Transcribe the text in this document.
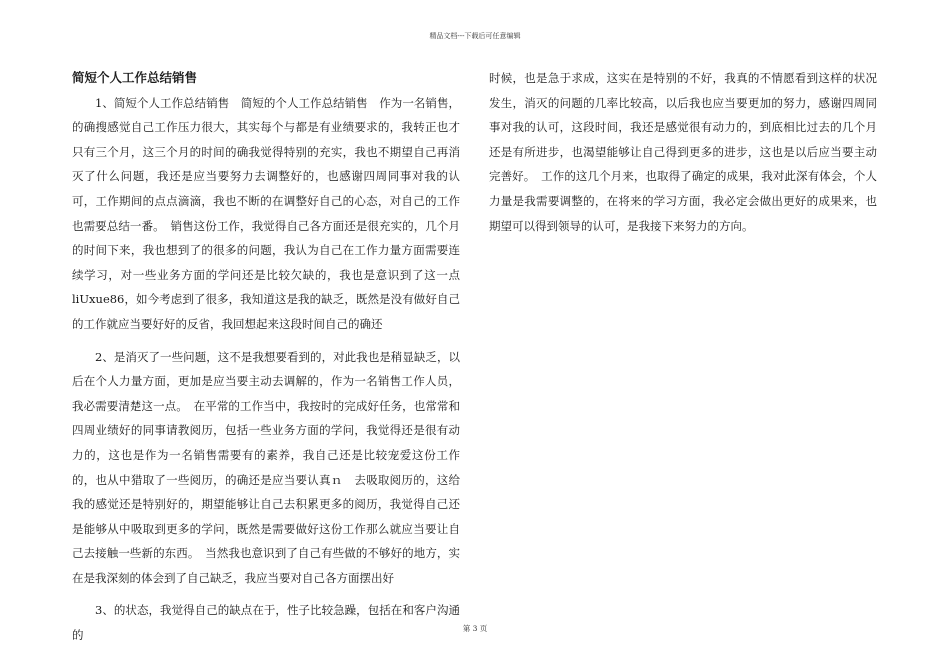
精品文档---下载后可任意编辑
简短个人工作总结销售

1、简短个人工作总结销售　简短的个人工作总结销售　作为一名销售，的确搜感觉自己工作压力很大，其实每个与都是有业绩要求的，我转正也才只有三个月，这三个月的时间的确我觉得特别的充实，我也不期望自己再消灭了什么问题，我还是应当要努力去调整好的，也感谢四周同事对我的认可，工作期间的点点滴滴，我也不断的在调整好自己的心态，对自己的工作也需要总结一番。　销售这份工作，我觉得自己各方面还是很充实的，几个月的时间下来，我也想到了的很多的问题，我认为自己在工作力量方面需要连续学习，对一些业务方面的学问还是比较欠缺的，我也是意识到了这一点 liUxue86，如今考虑到了很多，我知道这是我的缺乏，既然是没有做好自己的工作就应当要好好的反省，我回想起来这段时间自己的确还

2、是消灭了一些问题，这不是我想要看到的，对此我也是稍显缺乏，以后在个人力量方面，更加是应当要主动去调解的，作为一名销售工作人员，我必需要清楚这一点。　在平常的工作当中，我按时的完成好任务，也常常和四周业绩好的同事请教阅历，包括一些业务方面的学问，我觉得还是很有动力的，这也是作为一名销售需要有的素养，我自己还是比较宠爱这份工作的，也从中猎取了一些阅历，的确还是应当要认真ｎ　去吸取阅历的，这给我的感觉还是特别好的，期望能够让自己去积累更多的阅历，我觉得自己还是能够从中吸取到更多的学问，既然是需要做好这份工作那么就应当要让自己去接触一些新的东西。　当然我也意识到了自己有些做的不够好的地方，实在是我深刻的体会到了自己缺乏，我应当要对自己各方面摆出好

3、的状态，我觉得自己的缺点在于，性子比较急躁，包括在和客户沟通的

时候，也是急于求成，这实在是特别的不好，我真的不情愿看到这样的状况发生，消灭的问题的几率比较高，以后我也应当要更加的努力，感谢四周同事对我的认可，这段时间，我还是感觉很有动力的，到底相比过去的几个月还是有所进步，也渴望能够让自己得到更多的进步，这也是以后应当要主动完善好。　工作的这几个月来，也取得了确定的成果，我对此深有体会，个人力量是我需要调整的，在将来的学习方面，我必定会做出更好的成果来，也期望可以得到领导的认可，是我接下来努力的方向。

第 3 页
